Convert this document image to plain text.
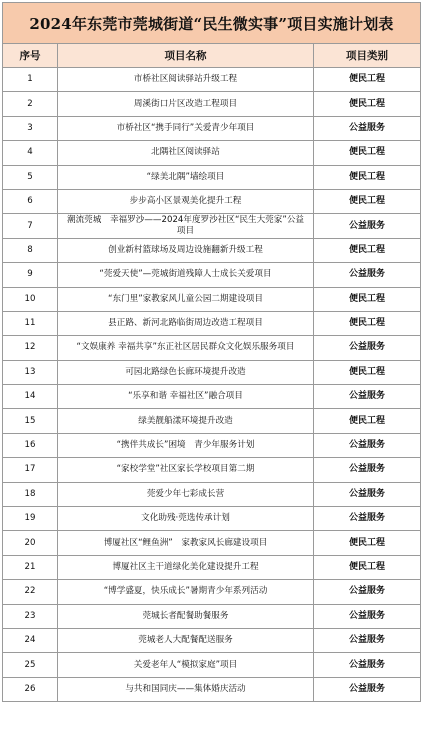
2024年东莞市莞城街道“民生微实事”项目实施计划表		
序号	项目名称	项目类别
1	市桥社区阅读驿站升级工程	便民工程
2	周溪街口片区改造工程项目	便民工程
3	市桥社区“携手同行”关爱青少年项目	公益服务
4	北隅社区阅读驿站	便民工程
5	“绿美北隅”墙绘项目	便民工程
6	步步高小区景观美化提升工程	便民工程
7	潮流莞城　幸福罗沙——2024年度罗沙社区“民生大莞家”公益项目	公益服务
8	创业新村篮球场及周边设施翻新升级工程	便民工程
9	“莞爱天使”—莞城街道残障人士成长关爱项目	公益服务
10	“东门里”家教家风儿童公园二期建设项目	便民工程
11	县正路、新河北路临街周边改造工程项目	便民工程
12	“文娱康养 幸福共享”东正社区居民群众文化娱乐服务项目	公益服务
13	可园北路绿色长廊环境提升改造	便民工程
14	“乐享和谐 幸福社区”融合项目	公益服务
15	绿美靓船漾环境提升改造	便民工程
16	“携伴共成长”困境　青少年服务计划	公益服务
17	“家校学堂”社区家长学校项目第二期	公益服务
18	莞爱少年七彩成长营	公益服务
19	文化助残·莞选传承计划	公益服务
20	博厦社区“鲤鱼洲”　家教家风长廊建设项目	便民工程
21	博厦社区主干道绿化美化建设提升工程	便民工程
22	“博学盛夏，快乐成长”暑期青少年系列活动	公益服务
23	莞城长者配餐助餐服务	公益服务
24	莞城老人大配餐配送服务	公益服务
25	关爱老年人“模拟家庭”项目	公益服务
26	与共和国同庆——集体婚庆活动	公益服务
